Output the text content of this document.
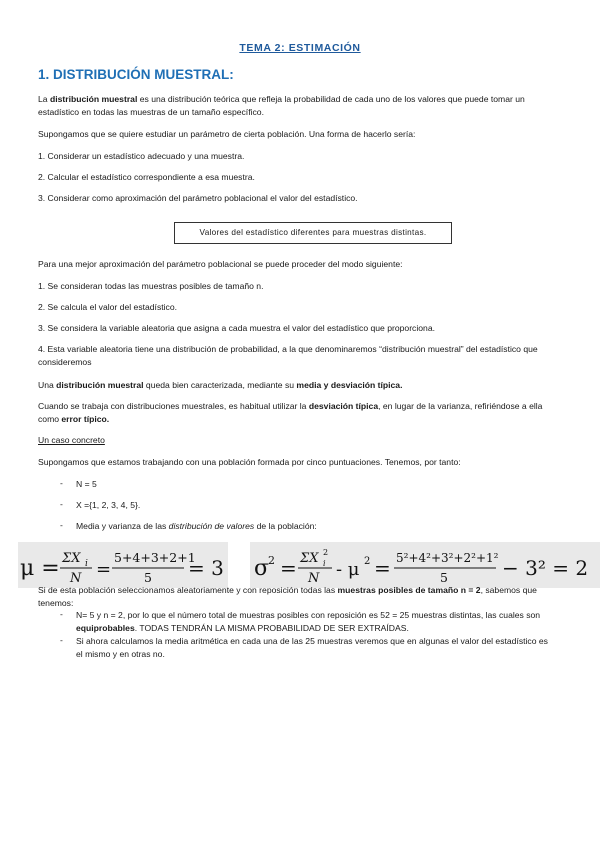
TEMA 2: ESTIMACIÓN
1. DISTRIBUCIÓN MUESTRAL:

La distribución muestral es una distribución teórica que refleja la probabilidad de cada uno de los valores que puede tomar un estadístico en todas las muestras de un tamaño específico.

Supongamos que se quiere estudiar un parámetro de cierta población. Una forma de hacerlo sería:

1. Considerar un estadístico adecuado y una muestra.

2. Calcular el estadístico correspondiente a esa muestra.

3. Considerar como aproximación del parámetro poblacional el valor del estadístico.

Valores del estadístico diferentes para muestras distintas.

Para una mejor aproximación del parámetro poblacional se puede proceder del modo siguiente:

1. Se consideran todas las muestras posibles de tamaño n.

2. Se calcula el valor del estadístico.

3. Se considera la variable aleatoria que asigna a cada muestra el valor del estadístico que proporciona.

4. Esta variable aleatoria tiene una distribución de probabilidad, a la que denominaremos “distribución muestral” del estadístico que consideremos

Una distribución muestral queda bien caracterizada, mediante su media y desviación típica.

Cuando se trabaja con distribuciones muestrales, es habitual utilizar la desviación típica, en lugar de la varianza, refiriéndose a ella como error típico.

Un caso concreto

Supongamos que estamos trabajando con una población formada por cinco puntuaciones. Tenemos, por tanto:

- N = 5
- X ={1, 2, 3, 4, 5}.
- Media y varianza de las distribución de valores de la población:
μ = ΣX i
N =
5+4+3+2+1
5 = 3 σ
2 = ΣX 2
i
N - μ 2 = 5²+4²+3²+2²+1²
5	− 3² = 2

Si de esta población seleccionamos aleatoriamente y con reposición todas las muestras posibles de tamaño n = 2, sabemos que tenemos:

- N= 5 y n = 2, por lo que el número total de muestras posibles con reposición es 52 = 25 muestras distintas, las cuales son equiprobables. TODAS TENDRÁN LA MISMA PROBABILIDAD DE SER EXTRAÍDAS.

- Si ahora calculamos la media aritmética en cada una de las 25 muestras veremos que en algunas el valor del estadístico es el mismo y en otras no.
